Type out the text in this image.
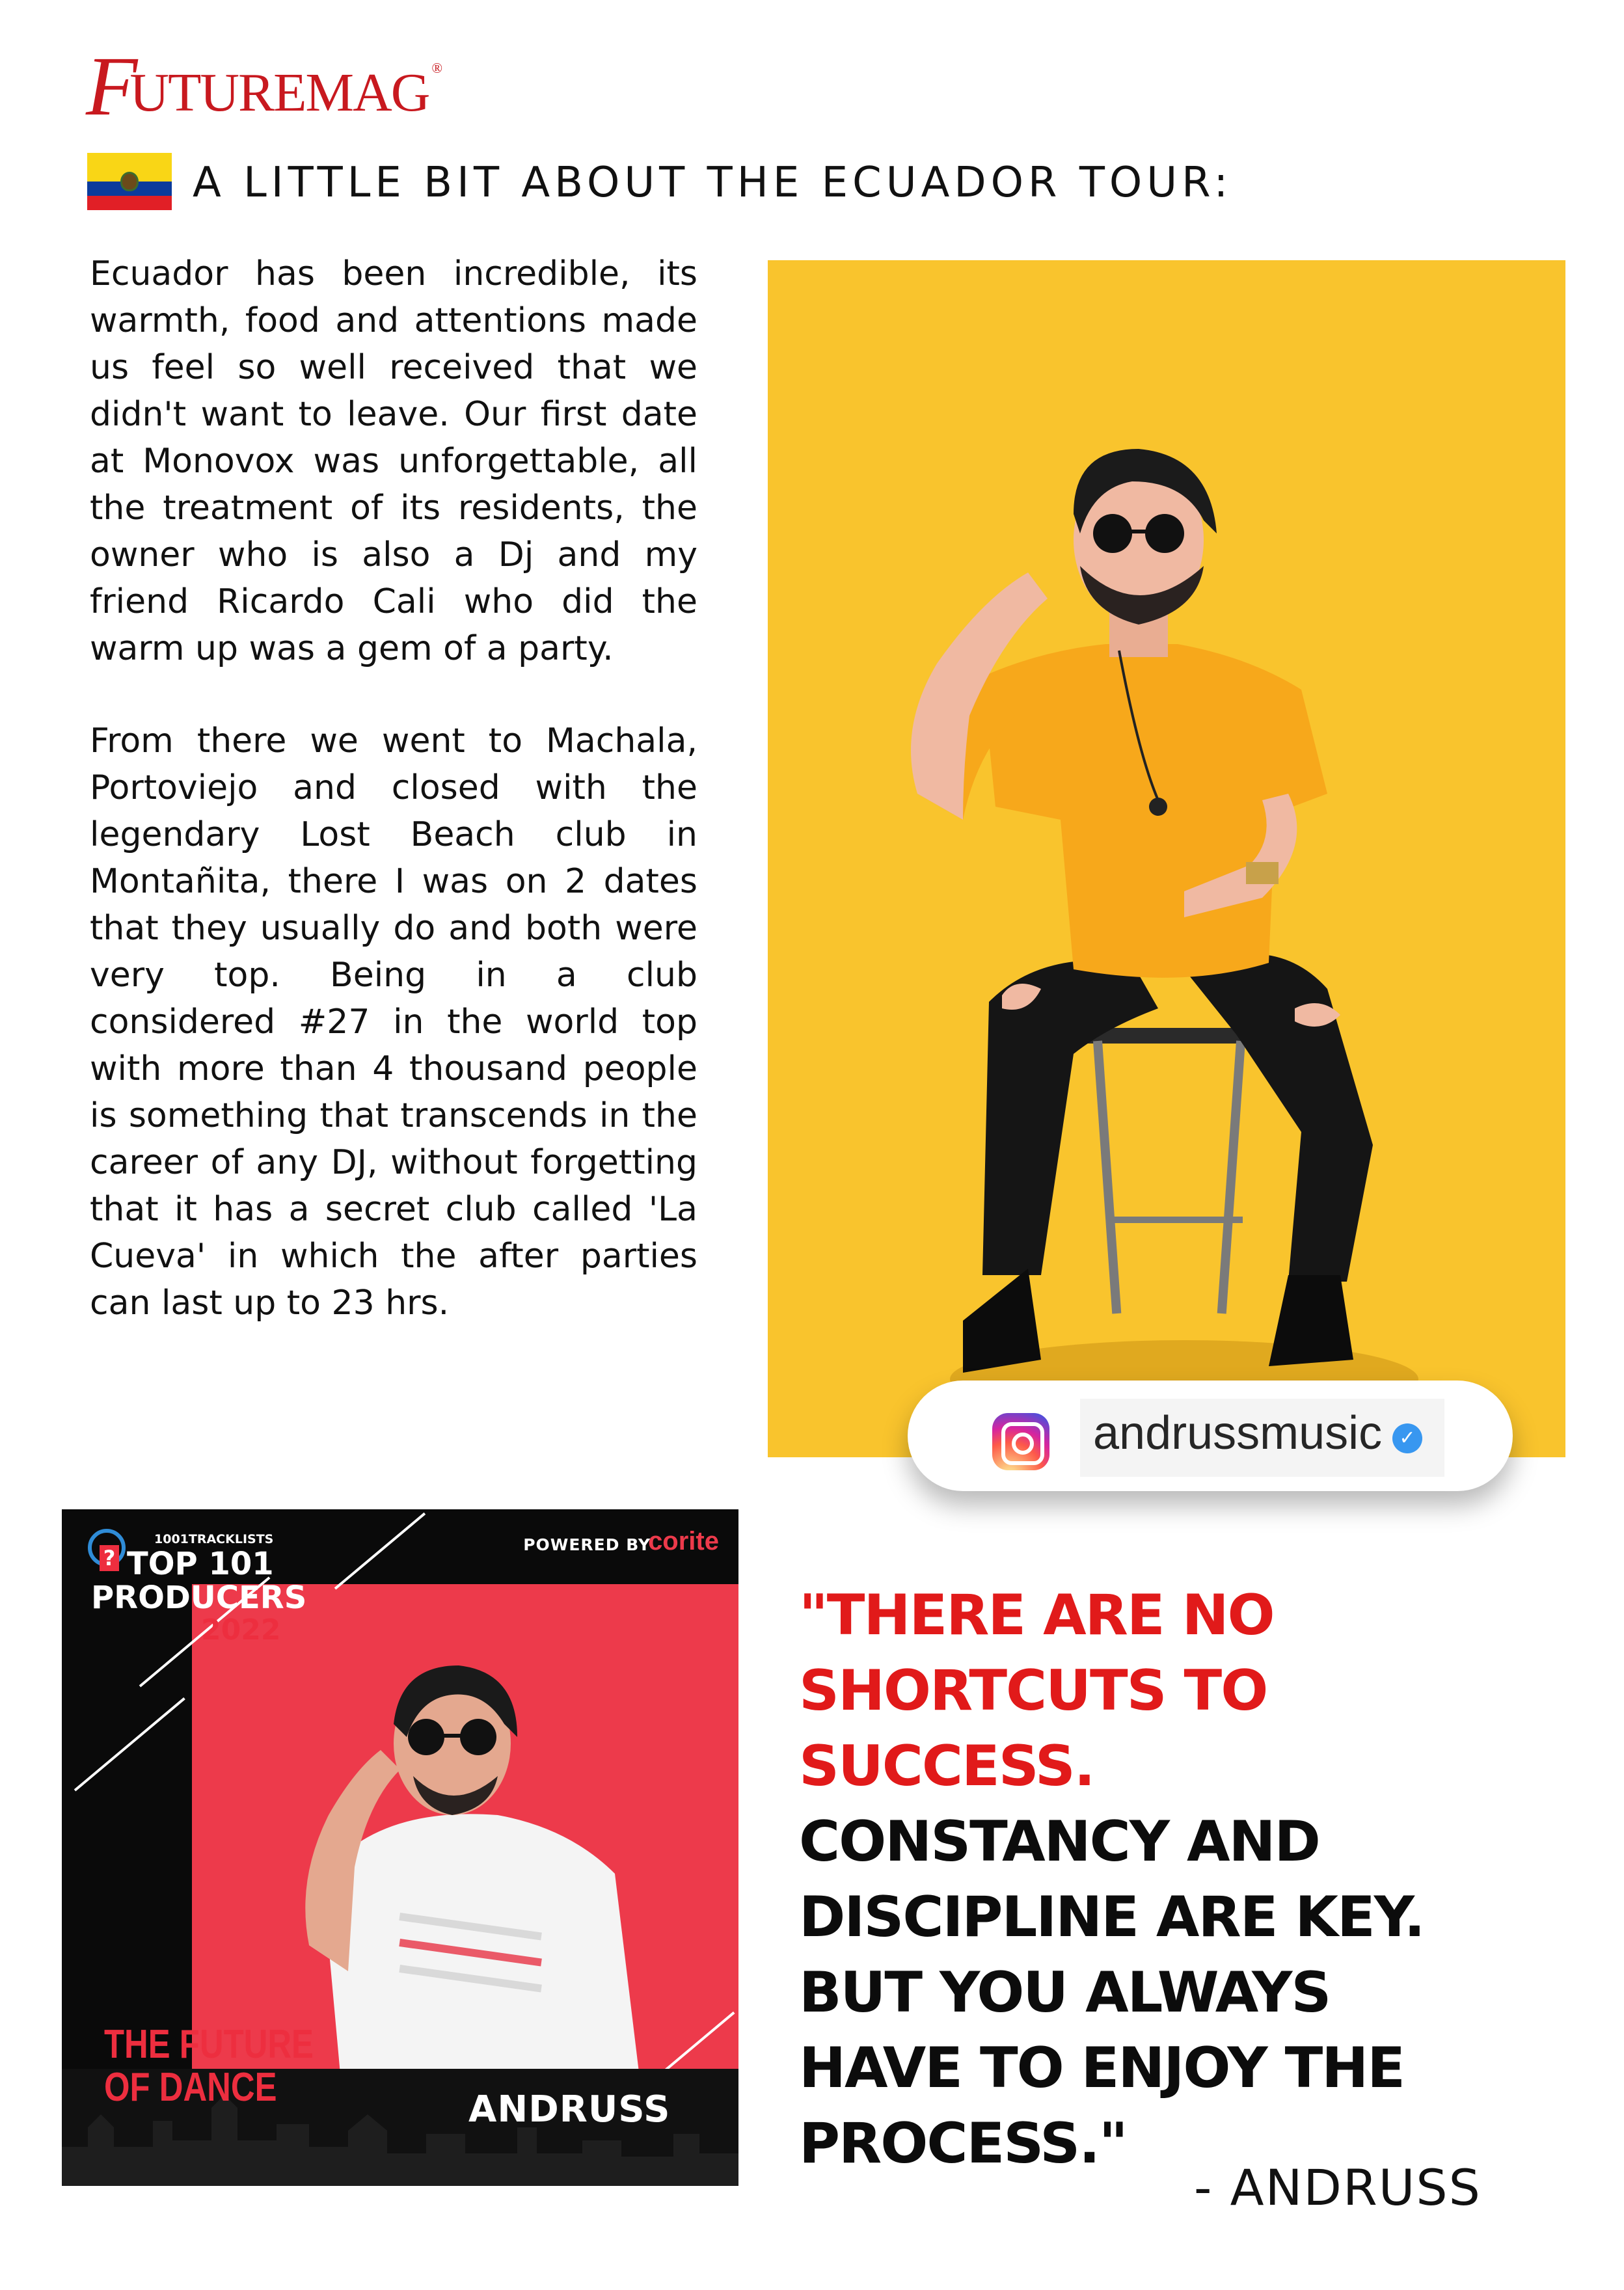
FUTUREMAG ®
A LITTLE BIT ABOUT THE ECUADOR TOUR:

Ecuador has been incredible, its warmth, food and attentions made us feel so well received that we didn't want to leave. Our first date at Monovox was unforgettable, all the treatment of its residents, the owner who is also a Dj and my friend Ricardo Cali who did the warm up was a gem of a party.

From there we went to Machala, Portoviejo and closed with the legendary Lost Beach club in Montañita, there I was on 2 dates that they usually do and both were very top. Being in a club considered #27 in the world top with more than 4 thousand people is something that transcends in the career of any DJ, without forgetting that it has a secret club called 'La Cueva' in which the after parties can last up to 23 hrs.

andrussmusic ✓
?
1001TRACKLISTS
TOP 101
PRODUCERS
2022
POWERED BY
corite
THE FUTURE
OF DANCE	ANDRUSS
"THERE ARE NO
SHORTCUTS TO
SUCCESS.
CONSTANCY AND
DISCIPLINE ARE KEY.
BUT YOU ALWAYS
HAVE TO ENJOY THE
PROCESS."
- ANDRUSS
